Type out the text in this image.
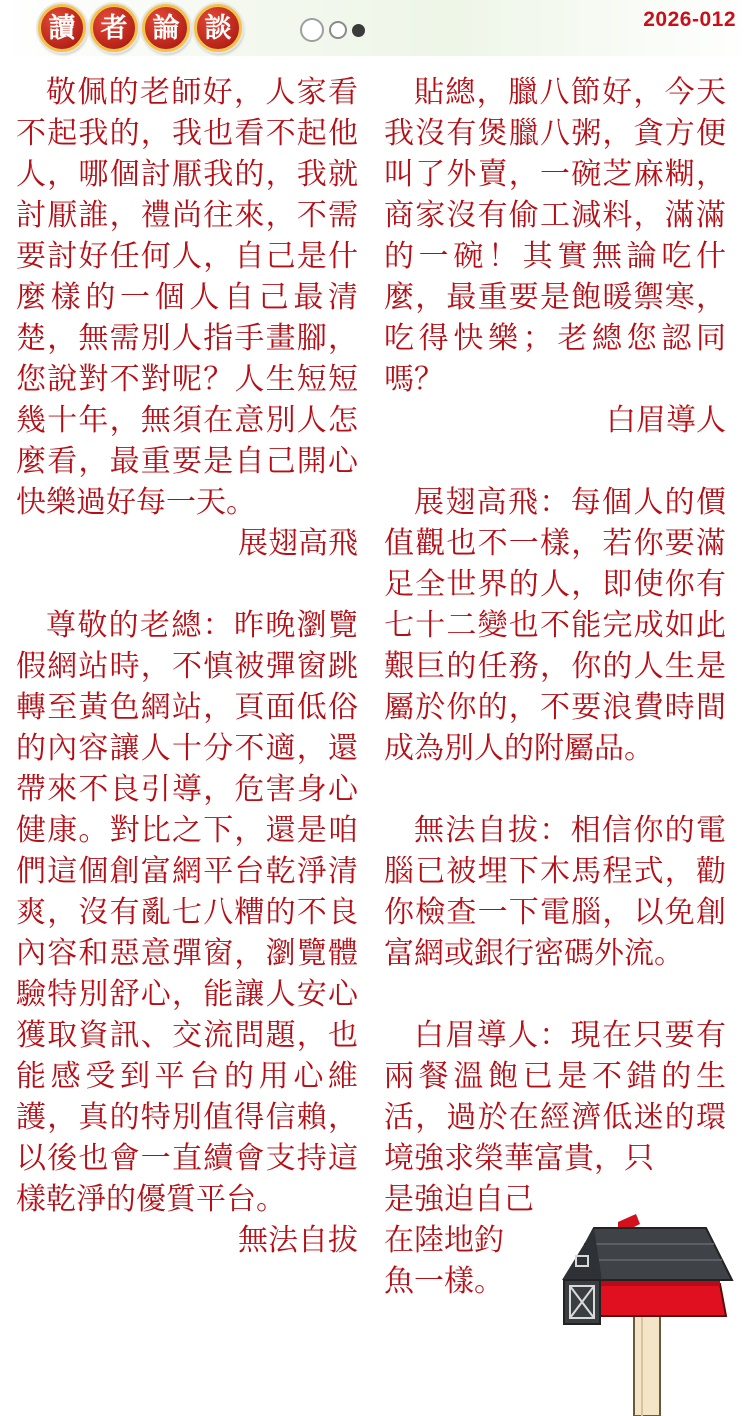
讀 者 論 談	2026-012

敬佩的老師好，人家看不起我的，我也看不起他人，哪個討厭我的，我就討厭誰，禮尚往來，不需要討好任何人，自己是什麼樣的一個人自己最清楚，無需別人指手畫腳，您說對不對呢？人生短短幾十年，無須在意別人怎麼看，最重要是自己開心快樂過好每一天。

展翅高飛

尊敬的老總：昨晚瀏覽假網站時，不慎被彈窗跳轉至黃色網站，頁面低俗的內容讓人十分不適，還帶來不良引導，危害身心健康。對比之下，還是咱們這個創富網平台乾淨清爽，沒有亂七八糟的不良內容和惡意彈窗，瀏覽體驗特別舒心，能讓人安心獲取資訊、交流問題，也能感受到平台的用心維護，真的特別值得信賴，以後也會一直續會支持這樣乾淨的優質平台。

無法自拔

貼總，臘八節好，今天我沒有煲臘八粥，貪方便叫了外賣，一碗芝麻糊，商家沒有偷工減料，滿滿的一碗！其實無論吃什麼，最重要是飽暖禦寒，吃得快樂；老總您認同嗎？

白眉導人

展翅高飛：每個人的價值觀也不一樣，若你要滿足全世界的人，即使你有七十二變也不能完成如此艱巨的任務，你的人生是屬於你的，不要浪費時間成為別人的附屬品。

無法自拔：相信你的電腦已被埋下木馬程式，勸你檢查一下電腦，以免創富網或銀行密碼外流。

白眉導人：現在只要有兩餐溫飽已是不錯的生活，過於在經濟低迷的環境強求榮華富貴，只

是強迫自己

在陸地釣

魚一樣。
